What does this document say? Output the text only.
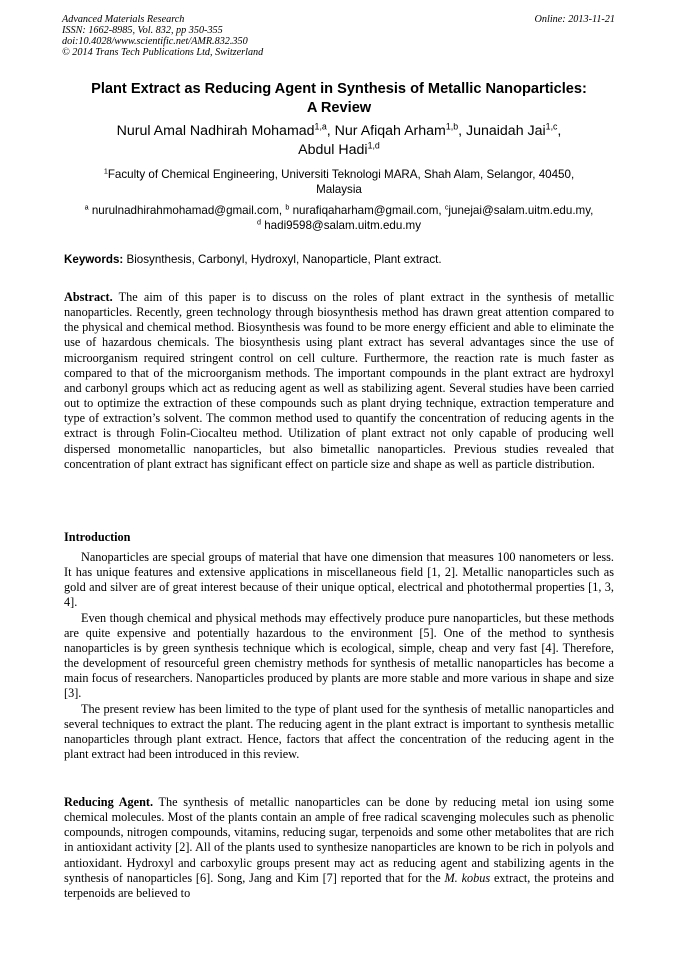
Advanced Materials Research
ISSN: 1662-8985, Vol. 832, pp 350-355
doi:10.4028/www.scientific.net/AMR.832.350
© 2014 Trans Tech Publications Ltd, Switzerland
Online: 2013-11-21
Plant Extract as Reducing Agent in Synthesis of Metallic Nanoparticles:
A Review
Nurul Amal Nadhirah Mohamad$^{1,a}$, Nur Afiqah Arham$^{1,b}$, Junaidah Jai$^{1,c}$,
Abdul Hadi$^{1,d}$
$^1$Faculty of Chemical Engineering, Universiti Teknologi MARA, Shah Alam, Selangor, 40450,
Malaysia
$^a$ nurulnadhirahmohamad@gmail.com, $^b$ nurafiqaharham@gmail.com, $^c$junejai@salam.uitm.edu.my,
$^d$ hadi9598@salam.uitm.edu.my
Keywords: Biosynthesis, Carbonyl, Hydroxyl, Nanoparticle, Plant extract.

Abstract. The aim of this paper is to discuss on the roles of plant extract in the synthesis of metallic nanoparticles. Recently, green technology through biosynthesis method has drawn great attention compared to the physical and chemical method. Biosynthesis was found to be more energy efficient and able to eliminate the use of hazardous chemicals. The biosynthesis using plant extract has several advantages since the use of microorganism required stringent control on cell culture. Furthermore, the reaction rate is much faster as compared to that of the microorganism methods. The important compounds in the plant extract are hydroxyl and carbonyl groups which act as reducing agent as well as stabilizing agent. Several studies have been carried out to optimize the extraction of these compounds such as plant drying technique, extraction temperature and type of extraction’s solvent. The common method used to quantify the concentration of reducing agents in the extract is through Folin-Ciocalteu method. Utilization of plant extract not only capable of producing well dispersed monometallic nanoparticles, but also bimetallic nanoparticles. Previous studies revealed that concentration of plant extract has significant effect on particle size and shape as well as particle distribution.

Introduction

Nanoparticles are special groups of material that have one dimension that measures 100 nanometers or less. It has unique features and extensive applications in miscellaneous field [1, 2]. Metallic nanoparticles such as gold and silver are of great interest because of their unique optical, electrical and photothermal properties [1, 3, 4].

Even though chemical and physical methods may effectively produce pure nanoparticles, but these methods are quite expensive and potentially hazardous to the environment [5]. One of the method to synthesis nanoparticles is by green synthesis technique which is ecological, simple, cheap and very fast [4]. Therefore, the development of resourceful green chemistry methods for synthesis of metallic nanoparticles has become a main focus of researchers. Nanoparticles produced by plants are more stable and more various in shape and size [3].

The present review has been limited to the type of plant used for the synthesis of metallic nanoparticles and several techniques to extract the plant. The reducing agent in the plant extract is important to synthesis metallic nanoparticles through plant extract. Hence, factors that affect the concentration of the reducing agent in the plant extract had been introduced in this review.

Reducing Agent. The synthesis of metallic nanoparticles can be done by reducing metal ion using some chemical molecules. Most of the plants contain an ample of free radical scavenging molecules such as phenolic compounds, nitrogen compounds, vitamins, reducing sugar, terpenoids and some other metabolites that are rich in antioxidant activity [2]. All of the plants used to synthesize nanoparticles are known to be rich in polyols and antioxidant. Hydroxyl and carboxylic groups present may act as reducing agent and stabilizing agents in the synthesis of nanoparticles [6]. Song, Jang and Kim [7] reported that for the M. kobus extract, the proteins and terpenoids are believed to
